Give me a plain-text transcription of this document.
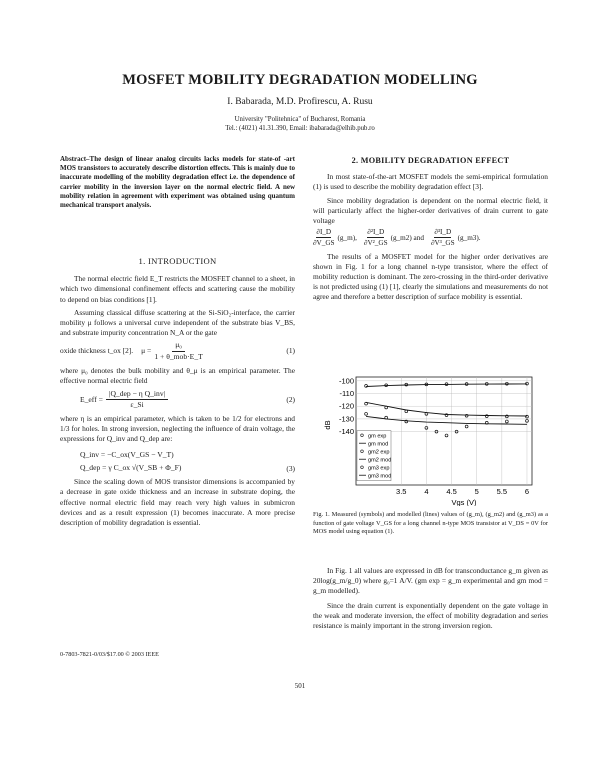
MOSFET MOBILITY DEGRADATION MODELLING
I. Babarada, M.D. Profirescu, A. Rusu
University "Politehnica" of Bucharest, Romania
Tel.: (4021) 41.31.390, Email: ibabarada@elhib.pub.ro
Abstract–The design of linear analog circuits lacks models for state-of -art MOS transistors to accurately describe distortion effects. This is mainly due to inaccurate modelling of the mobility degradation effect i.e. the dependence of carrier mobility in the inversion layer on the normal electric field. A new mobility relation in agreement with experiment was obtained using quantum mechanical transport analysis.
1. INTRODUCTION

The normal electric field E_T restricts the MOSFET channel to a sheet, in which two dimensional confinement effects and scattering cause the mobility to depend on bias conditions [1].

Assuming classical diffuse scattering at the Si-SiO₂-interface, the carrier mobility μ follows a universal curve independent of the substrate bias V_BS, and substrate impurity concentration N_A or the gate

oxide thickness t_ox [2]. μ =
μ₀
1 + θ_mob·E_T
(1)

where μ₀ denotes the bulk mobility and θ_μ is an empirical parameter. The effective normal electric field

E_eff =
|Q_dep − η Q_inv|
ε_Si
(2)

where η is an empirical parameter, which is taken to be 1/2 for electrons and 1/3 for holes. In strong inversion, neglecting the influence of drain voltage, the expressions for Q_inv and Q_dep are:

Q_inv = −C_ox(V_GS − V_T)
Q_dep = γ C_ox √(V_SB + Φ_F)	(3)

Since the scaling down of MOS transistor dimensions is accompanied by a decrease in gate oxide thickness and an increase in substrate doping, the effective normal electric field may reach very high values in submicron devices and as a result expression (1) becomes inaccurate. A more precise description of mobility degradation is essential.

0-7803-7821-0/03/$17.00 © 2003 IEEE
2. MOBILITY DEGRADATION EFFECT

In most state-of-the-art MOSFET models the semi-empirical formulation (1) is used to describe the mobility degradation effect [3].

Since mobility degradation is dependent on the normal electric field, it will particularly affect the higher-order derivatives of drain current to gate voltage

$\frac{\partial I\_D}{\partial V\_GS}$ (g_m), $\frac{\text{∂²I\_D}}{\text{∂V²\_GS}}$ (g_m2) and $\frac{\text{∂³I\_D}}{\text{∂V³\_GS}}$ (g_m3).

The results of a MOSFET model for the higher order derivatives are shown in Fig. 1 for a long channel n-type transistor, where the effect of mobility reduction is dominant. The zero-crossing in the third-order derivative is not predicted using (1) [1], clearly the simulations and measurements do not agree and therefore a better description of surface mobility is essential.

-100
-110
-120
-130
-140
3.5 4 4.5 5 5.5 6
Vgs (V)
dB
gm exp
gm mod
gm2 exp
gm2 mod
gm3 exp
gm3 mod
Fig. 1. Measured (symbols) and modelled (lines) values of (g_m), (g_m2) and (g_m3) as a function of gate voltage V_GS for a long channel n-type MOS transistor at V_DS = 0V for MOS model using equation (1).

In Fig. 1 all values are expressed in dB for transconductance g_m given as 20log(g_m/g_0) where g₀=1 A/V. (gm exp = g_m experimental and gm mod = g_m modelled).

Since the drain current is exponentially dependent on the gate voltage in the weak and moderate inversion, the effect of mobility degradation and series resistance is mainly important in the strong inversion region.

501
